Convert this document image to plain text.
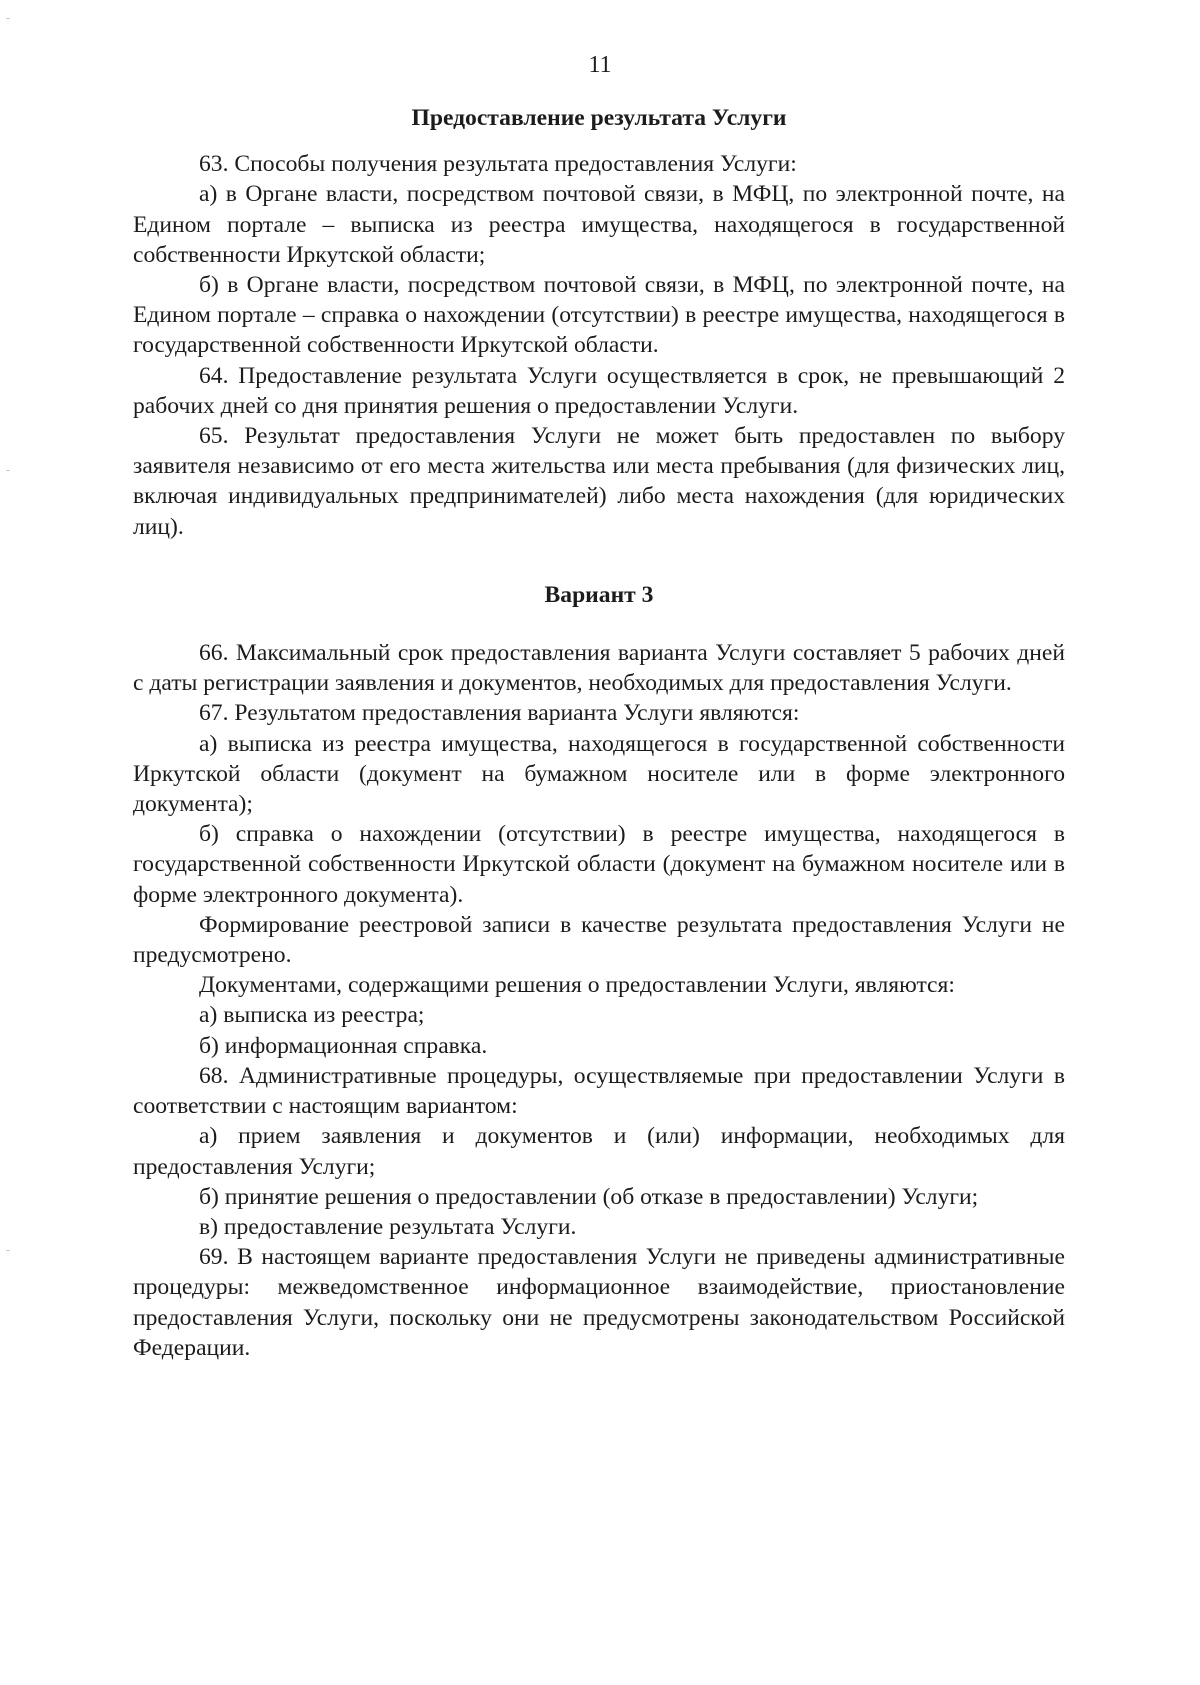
11
Предоставление результата Услуги

63. Способы получения результата предоставления Услуги:

а) в Органе власти, посредством почтовой связи, в МФЦ, по электронной почте, на Едином портале – выписка из реестра имущества, находящегося в государственной собственности Иркутской области;

б) в Органе власти, посредством почтовой связи, в МФЦ, по электронной почте, на Едином портале – справка о нахождении (отсутствии) в реестре имущества, находящегося в государственной собственности Иркутской области.

64. Предоставление результата Услуги осуществляется в срок, не превышающий 2 рабочих дней со дня принятия решения о предоставлении Услуги.

65. Результат предоставления Услуги не может быть предоставлен по выбору заявителя независимо от его места жительства или места пребывания (для физических лиц, включая индивидуальных предпринимателей) либо места нахождения (для юридических лиц).

Вариант 3

66. Максимальный срок предоставления варианта Услуги составляет 5 рабочих дней с даты регистрации заявления и документов, необходимых для предоставления Услуги.

67. Результатом предоставления варианта Услуги являются:

а) выписка из реестра имущества, находящегося в государственной собственности Иркутской области (документ на бумажном носителе или в форме электронного документа);

б) справка о нахождении (отсутствии) в реестре имущества, находящегося в государственной собственности Иркутской области (документ на бумажном носителе или в форме электронного документа).

Формирование реестровой записи в качестве результата предоставления Услуги не предусмотрено.

Документами, содержащими решения о предоставлении Услуги, являются:

а) выписка из реестра;

б) информационная справка.

68. Административные процедуры, осуществляемые при предоставлении Услуги в соответствии с настоящим вариантом:

а) прием заявления и документов и (или) информации, необходимых для предоставления Услуги;

б) принятие решения о предоставлении (об отказе в предоставлении) Услуги;

в) предоставление результата Услуги.

69. В настоящем варианте предоставления Услуги не приведены административные процедуры: межведомственное информационное взаимодействие, приостановление предоставления Услуги, поскольку они не предусмотрены законодательством Российской Федерации.
